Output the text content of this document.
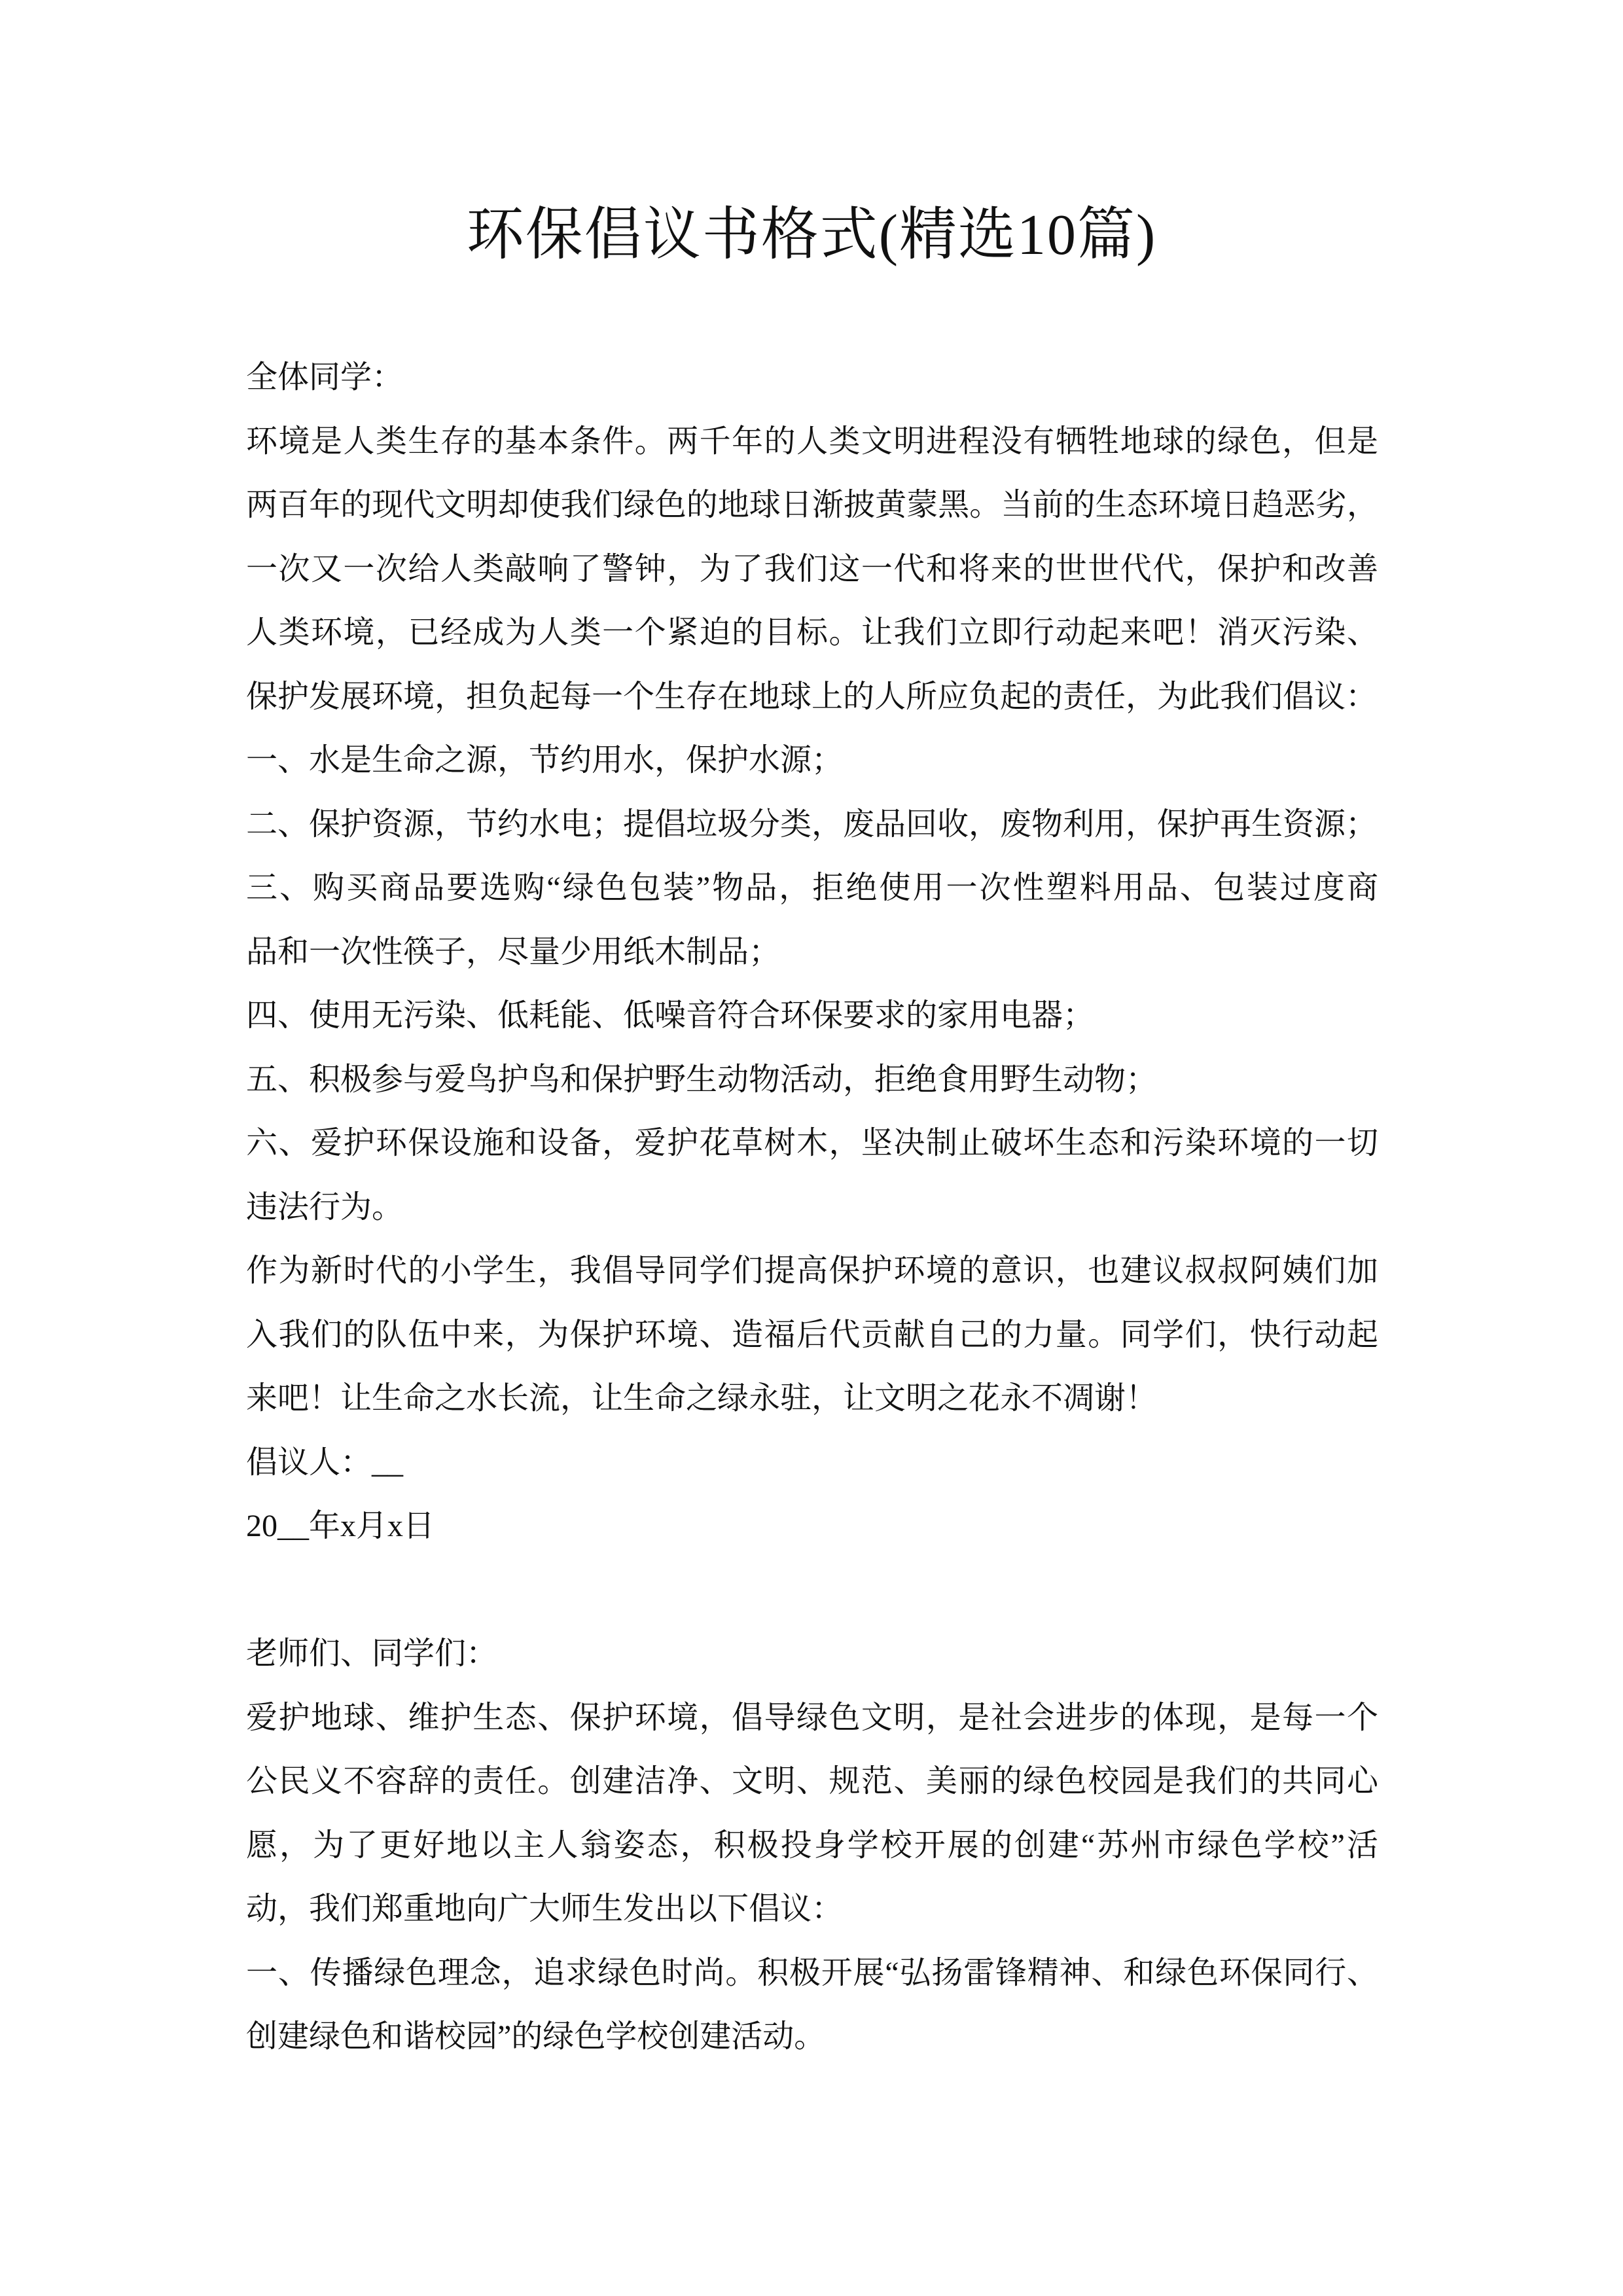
环保倡议书格式(精选10篇)
全体同学：
环境是人类生存的基本条件。两千年的人类文明进程没有牺牲地球的绿色，但是
两百年的现代文明却使我们绿色的地球日渐披黄蒙黑。当前的生态环境日趋恶劣，
一次又一次给人类敲响了警钟，为了我们这一代和将来的世世代代，保护和改善
人类环境，已经成为人类一个紧迫的目标。让我们立即行动起来吧！消灭污染、
保护发展环境，担负起每一个生存在地球上的人所应负起的责任，为此我们倡议：
一、水是生命之源，节约用水，保护水源；
二、保护资源，节约水电；提倡垃圾分类，废品回收，废物利用，保护再生资源；
三、购买商品要选购“绿色包装”物品，拒绝使用一次性塑料用品、包装过度商
品和一次性筷子，尽量少用纸木制品；
四、使用无污染、低耗能、低噪音符合环保要求的家用电器；
五、积极参与爱鸟护鸟和保护野生动物活动，拒绝食用野生动物；
六、爱护环保设施和设备，爱护花草树木，坚决制止破坏生态和污染环境的一切
违法行为。
作为新时代的小学生，我倡导同学们提高保护环境的意识，也建议叔叔阿姨们加
入我们的队伍中来，为保护环境、造福后代贡献自己的力量。同学们，快行动起
来吧！让生命之水长流，让生命之绿永驻，让文明之花永不凋谢！
倡议人：__
20__年x月x日
老师们、同学们：
爱护地球、维护生态、保护环境，倡导绿色文明，是社会进步的体现，是每一个
公民义不容辞的责任。创建洁净、文明、规范、美丽的绿色校园是我们的共同心
愿，为了更好地以主人翁姿态，积极投身学校开展的创建“苏州市绿色学校”活
动，我们郑重地向广大师生发出以下倡议：
一、传播绿色理念，追求绿色时尚。积极开展“弘扬雷锋精神、和绿色环保同行、
创建绿色和谐校园”的绿色学校创建活动。
